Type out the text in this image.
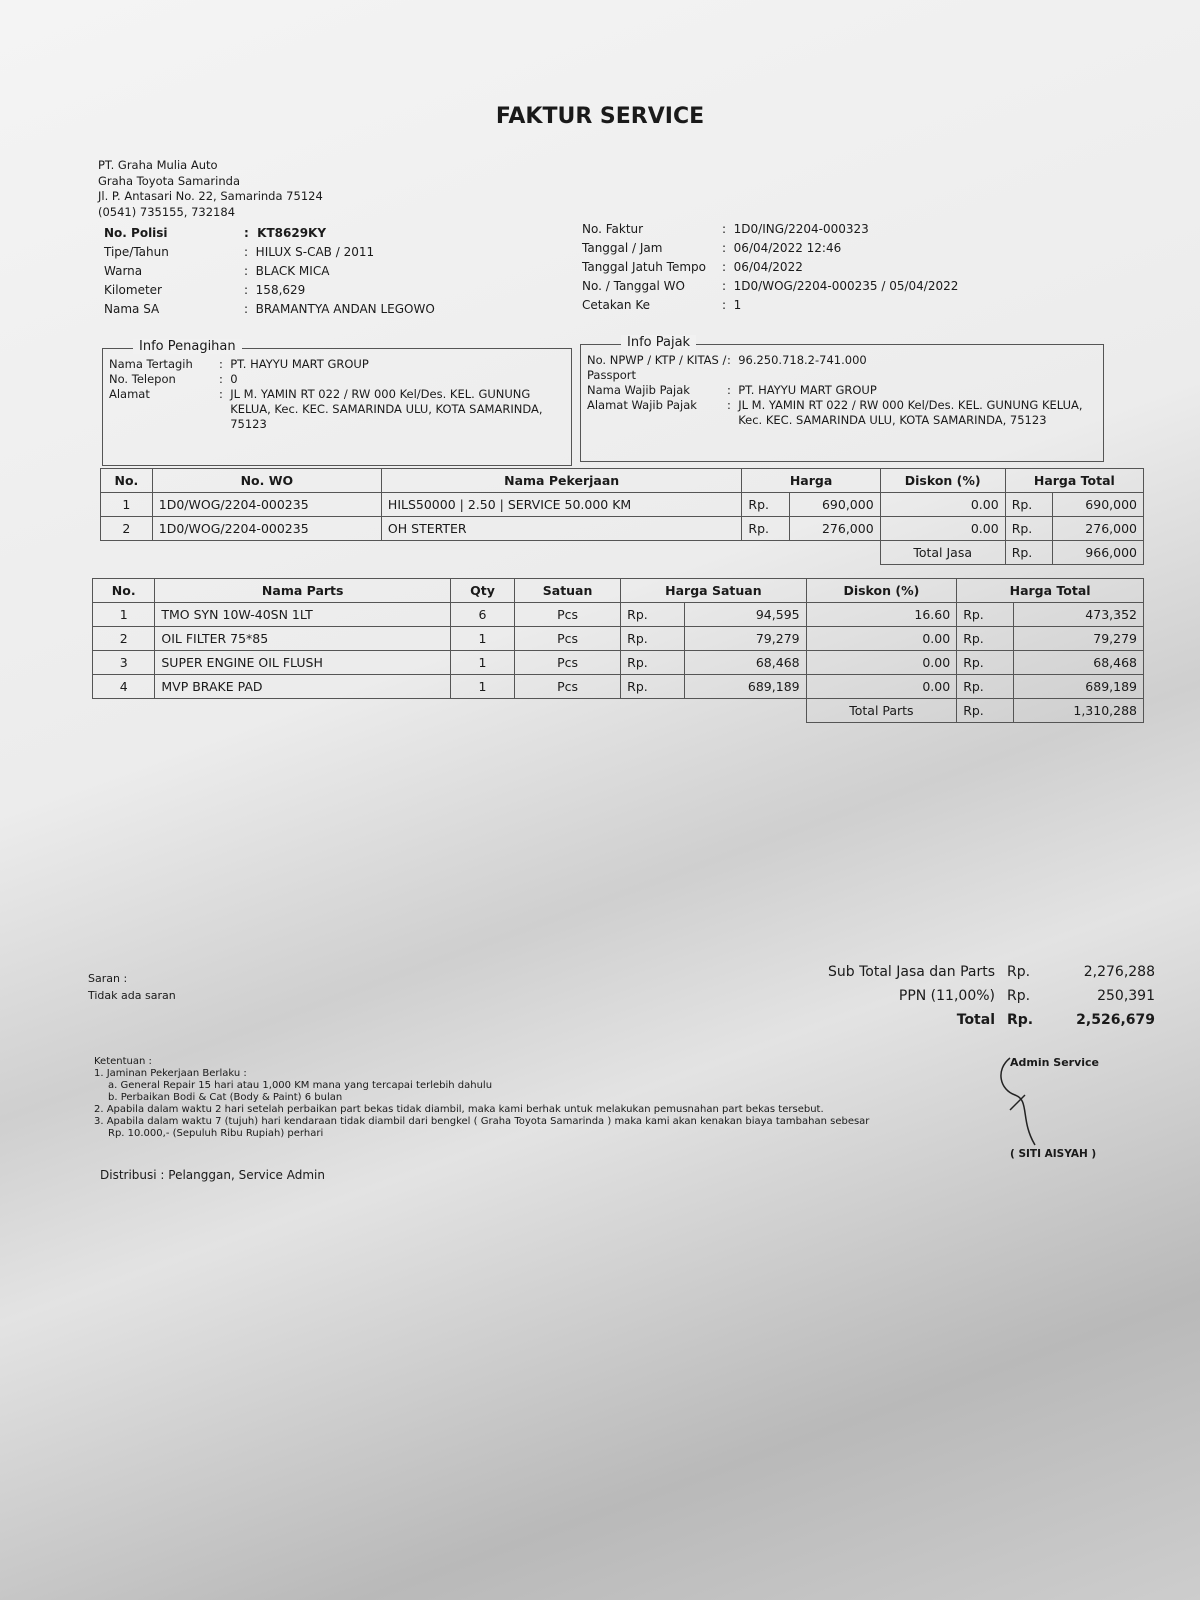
FAKTUR SERVICE
PT. Graha Mulia Auto
Graha Toyota Samarinda
Jl. P. Antasari No. 22, Samarinda 75124
(0541) 735155, 732184
No. Polisi	: KT8629KY
Tipe/Tahun	: HILUX S-CAB / 2011
Warna	: BLACK MICA
Kilometer	: 158,629
Nama SA	: BRAMANTYA ANDAN LEGOWO
No. Faktur	: 1D0/ING/2204-000323
Tanggal / Jam	: 06/04/2022 12:46
Tanggal Jatuh Tempo	: 06/04/2022
No. / Tanggal WO	: 1D0/WOG/2204-000235 / 05/04/2022
Cetakan Ke	: 1
Info Penagihan
Nama Tertagih	: PT. HAYYU MART GROUP
No. Telepon	: 0
Alamat	: JL M. YAMIN RT 022 / RW 000 Kel/Des. KEL. GUNUNG KELUA, Kec. KEC. SAMARINDA ULU, KOTA SAMARINDA, 75123
Info Pajak
No. NPWP / KTP / KITAS / Passport
: 96.250.718.2-741.000
Nama Wajib Pajak	: PT. HAYYU MART GROUP
Alamat Wajib Pajak	: JL M. YAMIN RT 022 / RW 000 Kel/Des. KEL. GUNUNG KELUA, Kec. KEC. SAMARINDA ULU, KOTA SAMARINDA, 75123
No.	No. WO	Nama Pekerjaan	Harga		Diskon (%)	Harga Total	
1	1D0/WOG/2204-000235	HILS50000 | 2.50 | SERVICE 50.000 KM	Rp.	690,000	0.00	Rp.	690,000
2	1D0/WOG/2204-000235	OH STERTER	Rp.	276,000	0.00	Rp.	276,000
					Total Jasa	Rp.	966,000
No.	Nama Parts	Qty	Satuan	Harga Satuan		Diskon (%)	Harga Total	
1	TMO SYN 10W-40SN 1LT	6	Pcs	Rp.	94,595	16.60	Rp.	473,352
2	OIL FILTER 75*85	1	Pcs	Rp.	79,279	0.00	Rp.	79,279
3	SUPER ENGINE OIL FLUSH	1	Pcs	Rp.	68,468	0.00	Rp.	68,468
4	MVP BRAKE PAD	1	Pcs	Rp.	689,189	0.00	Rp.	689,189
						Total Parts	Rp.	1,310,288
Saran :
Tidak ada saran
Sub Total Jasa dan Parts Rp.	2,276,288
PPN (11,00%) Rp.	250,391
Total Rp.	2,526,679
Ketentuan :
1. Jaminan Pekerjaan Berlaku :
a. General Repair 15 hari atau 1,000 KM mana yang tercapai terlebih dahulu
b. Perbaikan Bodi & Cat (Body & Paint) 6 bulan
2. Apabila dalam waktu 2 hari setelah perbaikan part bekas tidak diambil, maka kami berhak untuk melakukan pemusnahan part bekas tersebut.
3. Apabila dalam waktu 7 (tujuh) hari kendaraan tidak diambil dari bengkel ( Graha Toyota Samarinda ) maka kami akan kenakan biaya tambahan sebesar
Rp. 10.000,- (Sepuluh Ribu Rupiah) perhari
Distribusi : Pelanggan, Service Admin
Admin Service
( SITI AISYAH )
